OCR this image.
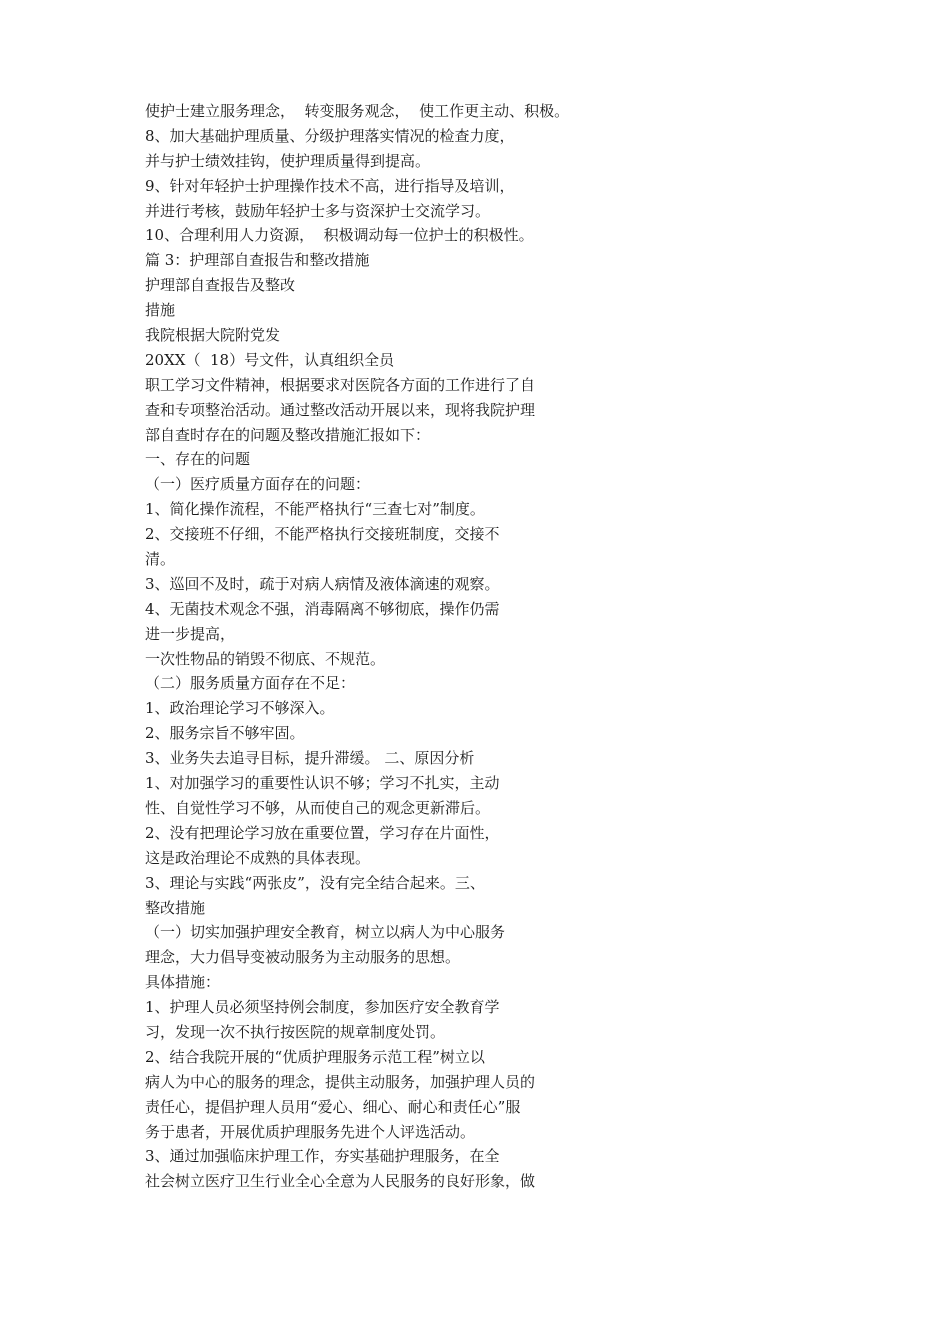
使护士建立服务理念，  转变服务观念，  使工作更主动、积极。
8、加大基础护理质量、分级护理落实情况的检查力度，
并与护士绩效挂钩，使护理质量得到提高。
9、针对年轻护士护理操作技术不高，进行指导及培训，
并进行考核，鼓励年轻护士多与资深护士交流学习。
10、合理利用人力资源，  积极调动每一位护士的积极性。
篇 3：护理部自查报告和整改措施
护理部自查报告及整改
措施
我院根据大院附党发
20XX（  18）号文件，认真组织全员
职工学习文件精神，根据要求对医院各方面的工作进行了自
查和专项整治活动。通过整改活动开展以来，现将我院护理
部自查时存在的问题及整改措施汇报如下：
一、存在的问题
（一）医疗质量方面存在的问题：
1、简化操作流程，不能严格执行“三查七对”制度。
2、交接班不仔细，不能严格执行交接班制度，交接不
清。
3、巡回不及时，疏于对病人病情及液体滴速的观察。
4、无菌技术观念不强，消毒隔离不够彻底，操作仍需
进一步提高，
一次性物品的销毁不彻底、不规范。
（二）服务质量方面存在不足：
1、政治理论学习不够深入。
2、服务宗旨不够牢固。
3、业务失去追寻目标，提升滞缓。 二、原因分析
1、对加强学习的重要性认识不够；学习不扎实，主动
性、自觉性学习不够，从而使自己的观念更新滞后。
2、没有把理论学习放在重要位置，学习存在片面性，
这是政治理论不成熟的具体表现。
3、理论与实践“两张皮”，没有完全结合起来。三、
整改措施
（一）切实加强护理安全教育，树立以病人为中心服务
理念，大力倡导变被动服务为主动服务的思想。
具体措施：
1、护理人员必须坚持例会制度，参加医疗安全教育学
习，发现一次不执行按医院的规章制度处罚。
2、结合我院开展的“优质护理服务示范工程”树立以
病人为中心的服务的理念，提供主动服务，加强护理人员的
责任心，提倡护理人员用“爱心、细心、耐心和责任心”服
务于患者，开展优质护理服务先进个人评选活动。
3、通过加强临床护理工作，夯实基础护理服务，在全
社会树立医疗卫生行业全心全意为人民服务的良好形象，做
